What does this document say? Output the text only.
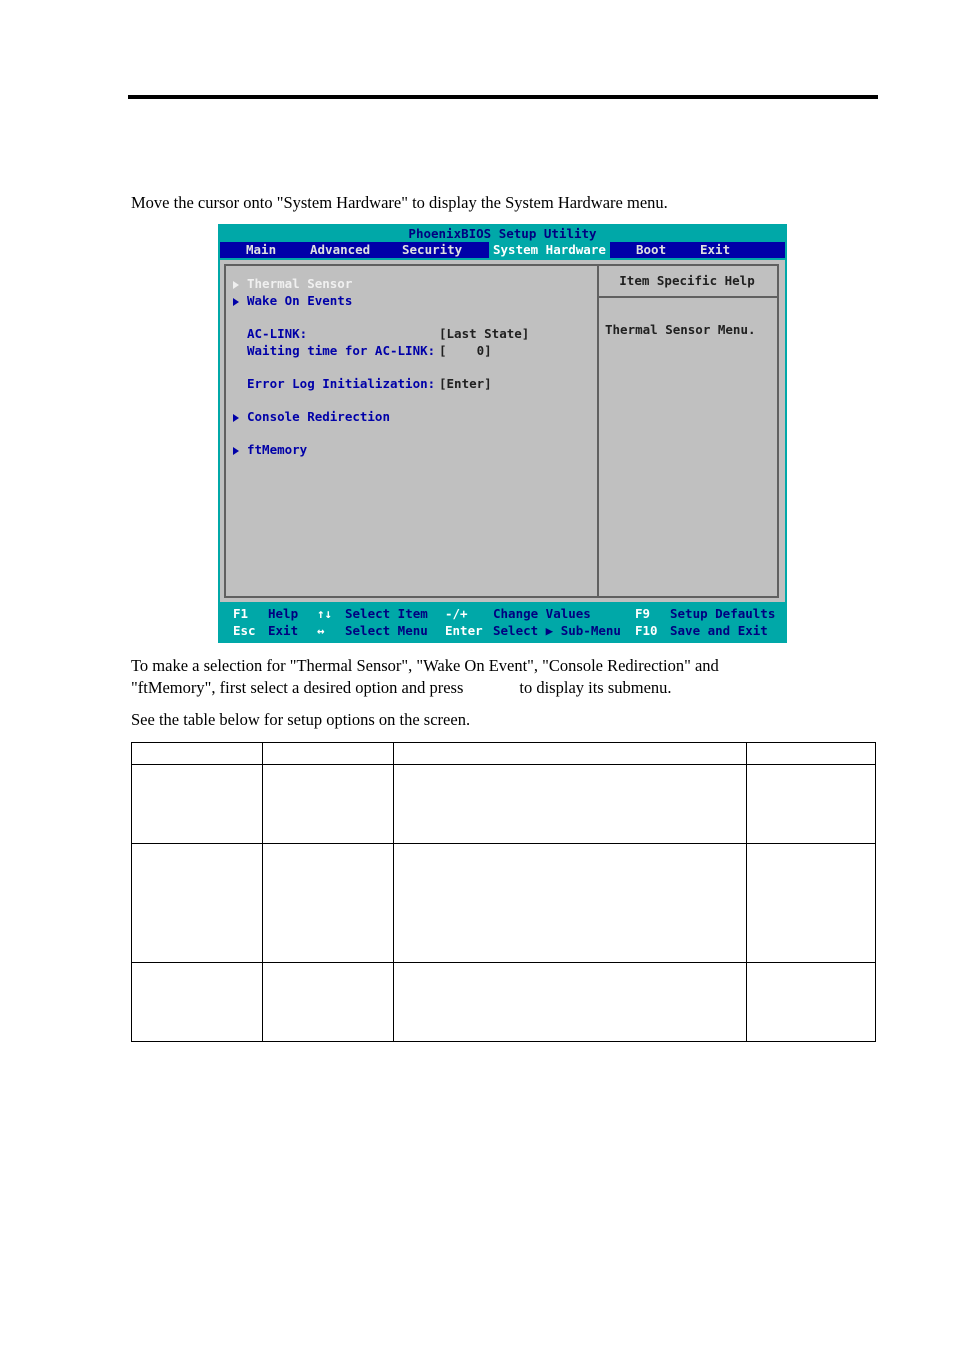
Move the cursor onto "System Hardware" to display the System Hardware menu.
PhoenixBIOS Setup Utility
Main	Advanced	Security	System Hardware	Boot	Exit
Thermal Sensor
Wake On Events
AC-LINK:	[Last State]
Waiting time for AC-LINK: [    0]
Error Log Initialization: [Enter]
Console Redirection
ftMemory
Item Specific Help
Thermal Sensor Menu.
F1 Help ↑↓ Select Item -/+ Change Values	F9 Setup Defaults
Esc Exit ↔ Select Menu Enter Select ▶ Sub-Menu F10 Save and Exit
To make a selection for "Thermal Sensor", "Wake On Event", "Console Redirection" and
"ftMemory", first select a desired option and press	to display its submenu.
See the table below for setup options on the screen.
